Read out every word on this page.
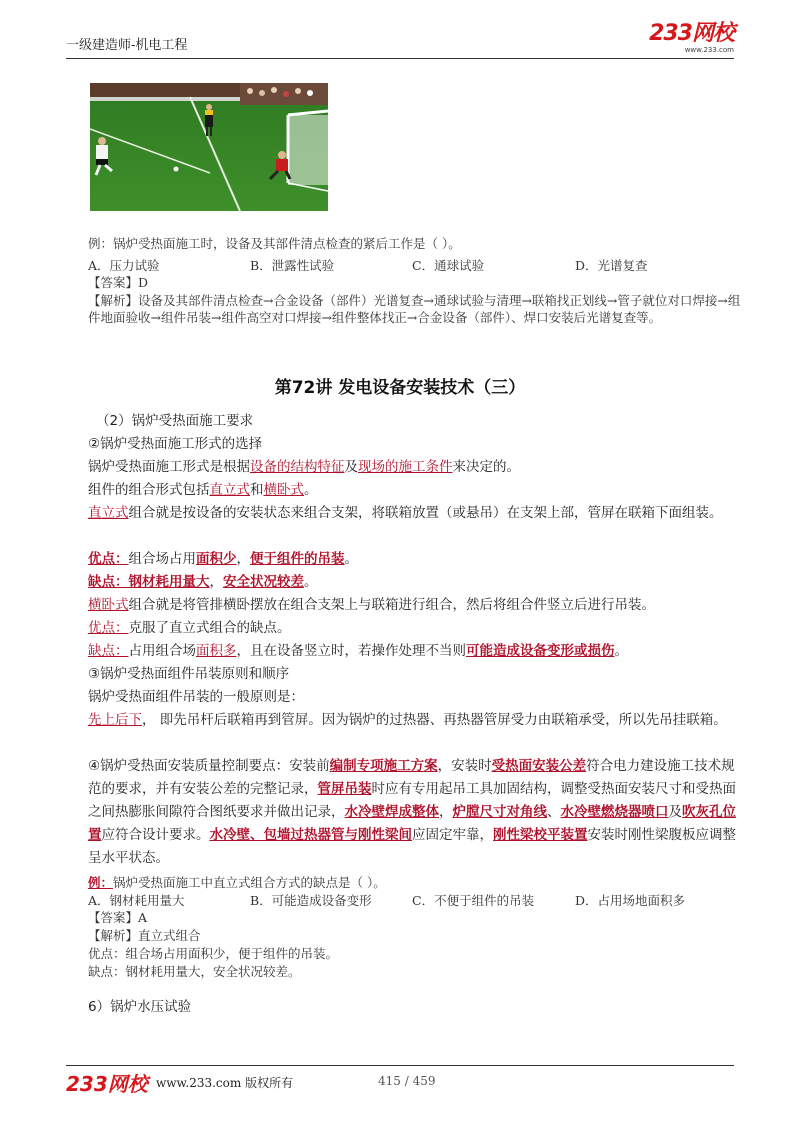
一级建造师-机电工程	233网校
www.233.com
例：锅炉受热面施工时，设备及其部件清点检查的紧后工作是（ ）。
A．压力试验	B．泄露性试验	C．通球试验	D．光谱复查
【答案】D
【解析】设备及其部件清点检查→合金设备（部件）光谱复查→通球试验与清理→联箱找正划线→管子就位对口焊接→组件地面验收→组件吊装→组件高空对口焊接→组件整体找正→合金设备（部件）、焊口安装后光谱复查等。
第72讲 发电设备安装技术（三）
（2）锅炉受热面施工要求
②锅炉受热面施工形式的选择
锅炉受热面施工形式是根据设备的结构特征及现场的施工条件来决定的。
组件的组合形式包括直立式和横卧式。
直立式组合就是按设备的安装状态来组合支架，将联箱放置（或悬吊）在支架上部，管屏在联箱下面组装。
优点：组合场占用面积少，便于组件的吊装。
缺点：钢材耗用量大，安全状况较差。
横卧式组合就是将管排横卧摆放在组合支架上与联箱进行组合，然后将组合件竖立后进行吊装。
优点：克服了直立式组合的缺点。
缺点：占用组合场面积多，且在设备竖立时，若操作处理不当则可能造成设备变形或损伤。
③锅炉受热面组件吊装原则和顺序
锅炉受热面组件吊装的一般原则是：
先上后下， 即先吊杆后联箱再到管屏。因为锅炉的过热器、再热器管屏受力由联箱承受，所以先吊挂联箱。
④锅炉受热面安装质量控制要点：安装前编制专项施工方案，安装时受热面安装公差符合电力建设施工技术规范的要求，并有安装公差的完整记录，管屏吊装时应有专用起吊工具加固结构，调整受热面安装尺寸和受热面之间热膨胀间隙符合图纸要求并做出记录，水冷壁焊成整体，炉膛尺寸对角线、水冷壁燃烧器喷口及吹灰孔位置应符合设计要求。水冷壁、包墙过热器管与刚性梁间应固定牢靠，刚性梁校平装置安装时刚性梁腹板应调整呈水平状态。
例：锅炉受热面施工中直立式组合方式的缺点是（ ）。
A．钢材耗用量大	B．可能造成设备变形	C．不便于组件的吊装	D．占用场地面积多
【答案】A
【解析】直立式组合
优点：组合场占用面积少，便于组件的吊装。
缺点：钢材耗用量大，安全状况较差。
6）锅炉水压试验
233网校 www.233.com 版权所有	415 / 459
